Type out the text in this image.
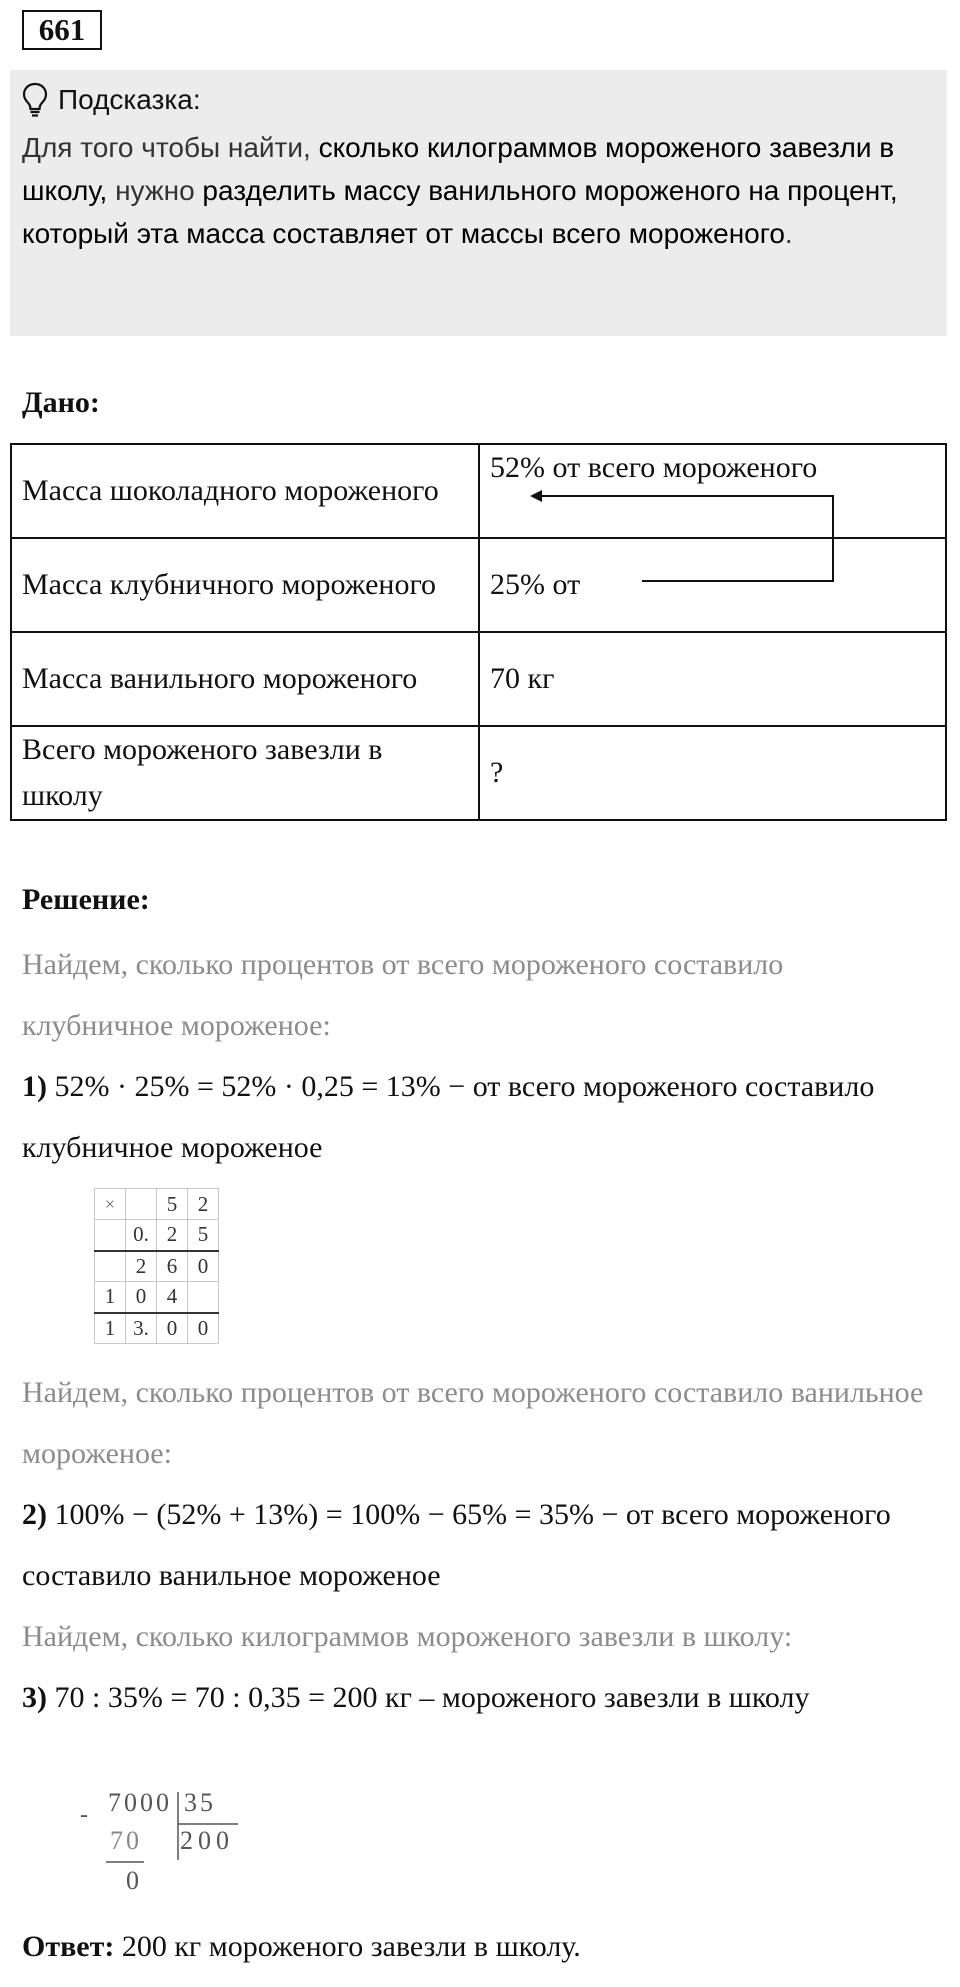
661
Подсказка:
Для того чтобы найти, сколько килограммов мороженого завезли в школу, нужно разделить массу ванильного мороженого на процент, который эта масса составляет от массы всего мороженого.
Дано:
Масса шоколадного мороженого	52% от всего мороженого
Масса клубничного мороженого	25% от
Масса ванильного мороженого	70 кг
Всего мороженого завезли в школу	?
Решение:
Найдем, сколько процентов от всего мороженого составило клубничное мороженое:
1) 52% · 25% = 52% · 0,25 = 13% − от всего мороженого составило клубничное мороженое
×		5	2
	0.	2	5
	2	6	0
1	0	4	
1	3.	0	0
Найдем, сколько процентов от всего мороженого составило ванильное мороженое:
2) 100% − (52% + 13%) = 100% − 65% = 35% − от всего мороженого составило ванильное мороженое
Найдем, сколько килограммов мороженого завезли в школу:
3) 70 : 35% = 70 : 0,35 = 200 кг – мороженого завезли в школу
- 7000 35
70 200
0
Ответ: 200 кг мороженого завезли в школу.
